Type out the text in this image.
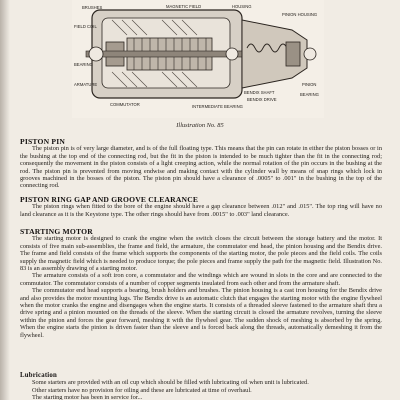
BRUSHES	MAGNETIC FIELD	HOUSING
PINION HOUSING
FIELD COIL
BEARING
ARMATURE
BENDIX SHAFT
BENDIX DRIVE
COMMUTATOR	INTERMEDIATE BEARING
PINION
BEARING
Illustration No. 85
PISTON PIN

The piston pin is of very large diameter, and is of the full floating type. This means that the pin can rotate in either the piston bosses or in the bushing at the top end of the connecting rod, but the fit in the piston is intended to be much tighter than the fit in the connecting rod; consequently the movement in the piston consists of a light creeping action, while the normal rotation of the pin occurs in the bushing at the rod. The piston pin is prevented from moving endwise and making contact with the cylinder wall by means of snap rings which lock in grooves machined in the bosses of the piston. The piston pin should have a clearance of .0005" to .001" in the bushing in the top of the connecting rod.

PISTON RING GAP AND GROOVE CLEARANCE

The piston rings when fitted to the bore of the engine should have a gap clearance between .012" and .015". The top ring will have no land clearance as it is the Keystone type. The other rings should have from .0015" to .003" land clearance.

STARTING MOTOR

The starting motor is designed to crank the engine when the switch closes the circuit between the storage battery and the motor. It consists of five main sub-assemblies, the frame and field, the armature, the commutator end head, the pinion housing and the Bendix drive. The frame and field consists of the frame which supports the components of the starting motor, the pole pieces and the field coils. The coils supply the magnetic field which is needed to produce torque; the pole pieces and frame supply the path for the magnetic field. Illustration No. 83 is an assembly drawing of a starting motor.

The armature consists of a soft iron core, a commutator and the windings which are wound in slots in the core and are connected to the commutator. The commutator consists of a number of copper segments insulated from each other and from the armature shaft.

The commutator end head supports a bearing, brush holders and brushes. The pinion housing is a cast iron housing for the Bendix drive and also provides the motor mounting lugs. The Bendix drive is an automatic clutch that engages the starting motor with the engine flywheel when the motor cranks the engine and disengages when the engine starts. It consists of a threaded sleeve fastened to the armature shaft thru a drive spring and a pinion mounted on the threads of the sleeve. When the starting circuit is closed the armature revolves, turning the sleeve within the pinion and forces the gear forward, meshing it with the flywheel gear. The sudden shock of meshing is absorbed by the spring. When the engine starts the pinion is driven faster than the sleeve and is forced back along the threads, automatically demeshing it from the flywheel.

Lubrication

Some starters are provided with an oil cup which should be filled with lubricating oil when unit is lubricated.

Other starters have no provision for oiling and these are lubricated at time of overhaul.

The starting motor has been in service for...
